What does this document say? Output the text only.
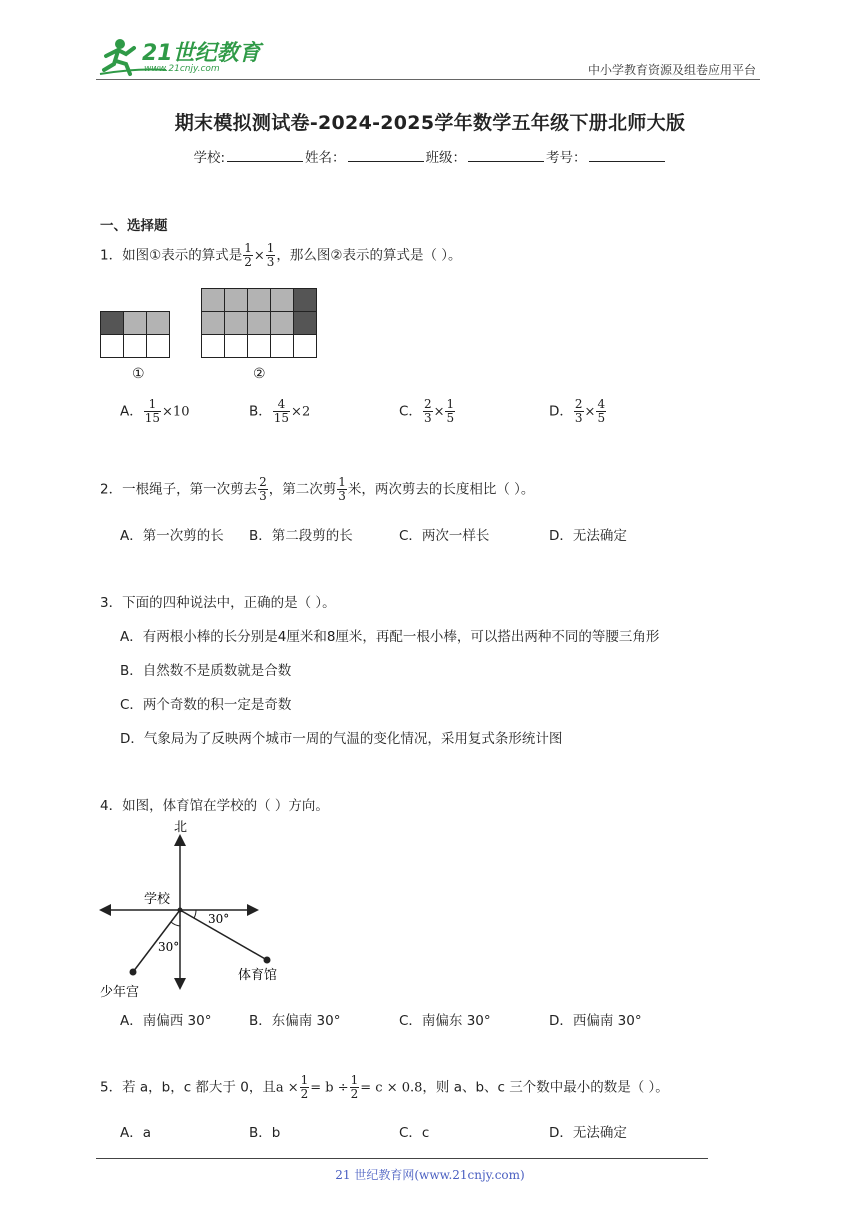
21世纪教育
www.21cnjy.com	中小学教育资源及组卷应用平台
期末模拟测试卷-2024-2025学年数学五年级下册北师大版
学校:	姓名：	班级：	考号：
一、选择题
1．如图①表示的算式是 $\frac{1}{2} \times \frac{1}{3}$ ，那么图②表示的算式是（ ）。

①

					②
A． $\frac{1}{15} \times 10$	B． $\frac{4}{15} \times 2$	C． $\frac{2}{3} \times \frac{1}{5}$	D． $\frac{2}{3} \times \frac{4}{5}$
2．一根绳子，第一次剪去 $\frac{2}{3}$ ，第二次剪 $\frac{1}{3}$ 米，两次剪去的长度相比（ ）。
A．第一次剪的长 B．第二段剪的长	C．两次一样长	D．无法确定
3．下面的四种说法中，正确的是（ ）。
A．有两根小棒的长分别是4厘米和8厘米，再配一根小棒，可以搭出两种不同的等腰三角形
B．自然数不是质数就是合数
C．两个奇数的积一定是奇数
D．气象局为了反映两个城市一周的气温的变化情况，采用复式条形统计图
4．如图，体育馆在学校的（ ）方向。
北
学校
30°
30°
体育馆
少年宫
A．南偏西 30°	B．东偏南 30°	C．南偏东 30°	D．西偏南 30°
5．若 a，b，c 都大于 0，且$a \times \frac{1}{2} = b \div \frac{1}{2} = c \times 0.8$，则 a、b、c 三个数中最小的数是（ ）。
A．a	B．b	C．c	D．无法确定
21 世纪教育网(www.21cnjy.com)
